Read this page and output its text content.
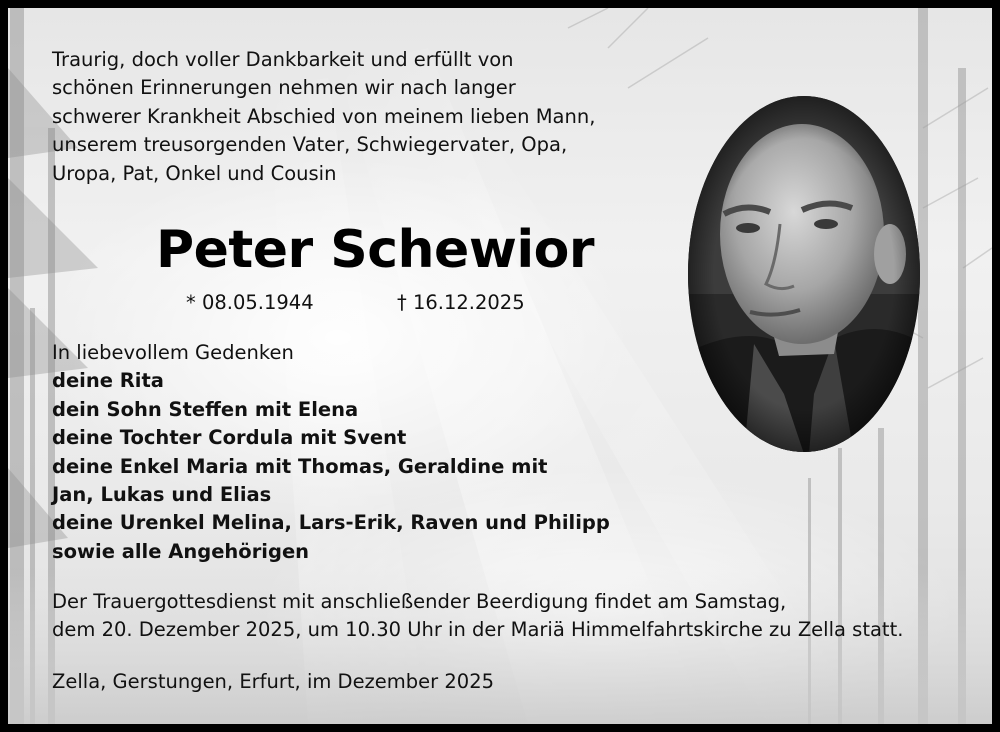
Traurig, doch voller Dankbarkeit und erfüllt von
schönen Erinnerungen nehmen wir nach langer
schwerer Krankheit Abschied von meinem lieben Mann,
unserem treusorgenden Vater, Schwiegervater, Opa,
Uropa, Pat, Onkel und Cousin
Peter Schewior
* 08.05.1944	† 16.12.2025
In liebevollem Gedenken
deine Rita
dein Sohn Steffen mit Elena
deine Tochter Cordula mit Svent
deine Enkel Maria mit Thomas, Geraldine mit
Jan, Lukas und Elias
deine Urenkel Melina, Lars-Erik, Raven und Philipp
sowie alle Angehörigen
Der Trauergottesdienst mit anschließender Beerdigung findet am Samstag,
dem 20. Dezember 2025, um 10.30 Uhr in der Mariä Himmelfahrtskirche zu Zella statt.
Zella, Gerstungen, Erfurt, im Dezember 2025
